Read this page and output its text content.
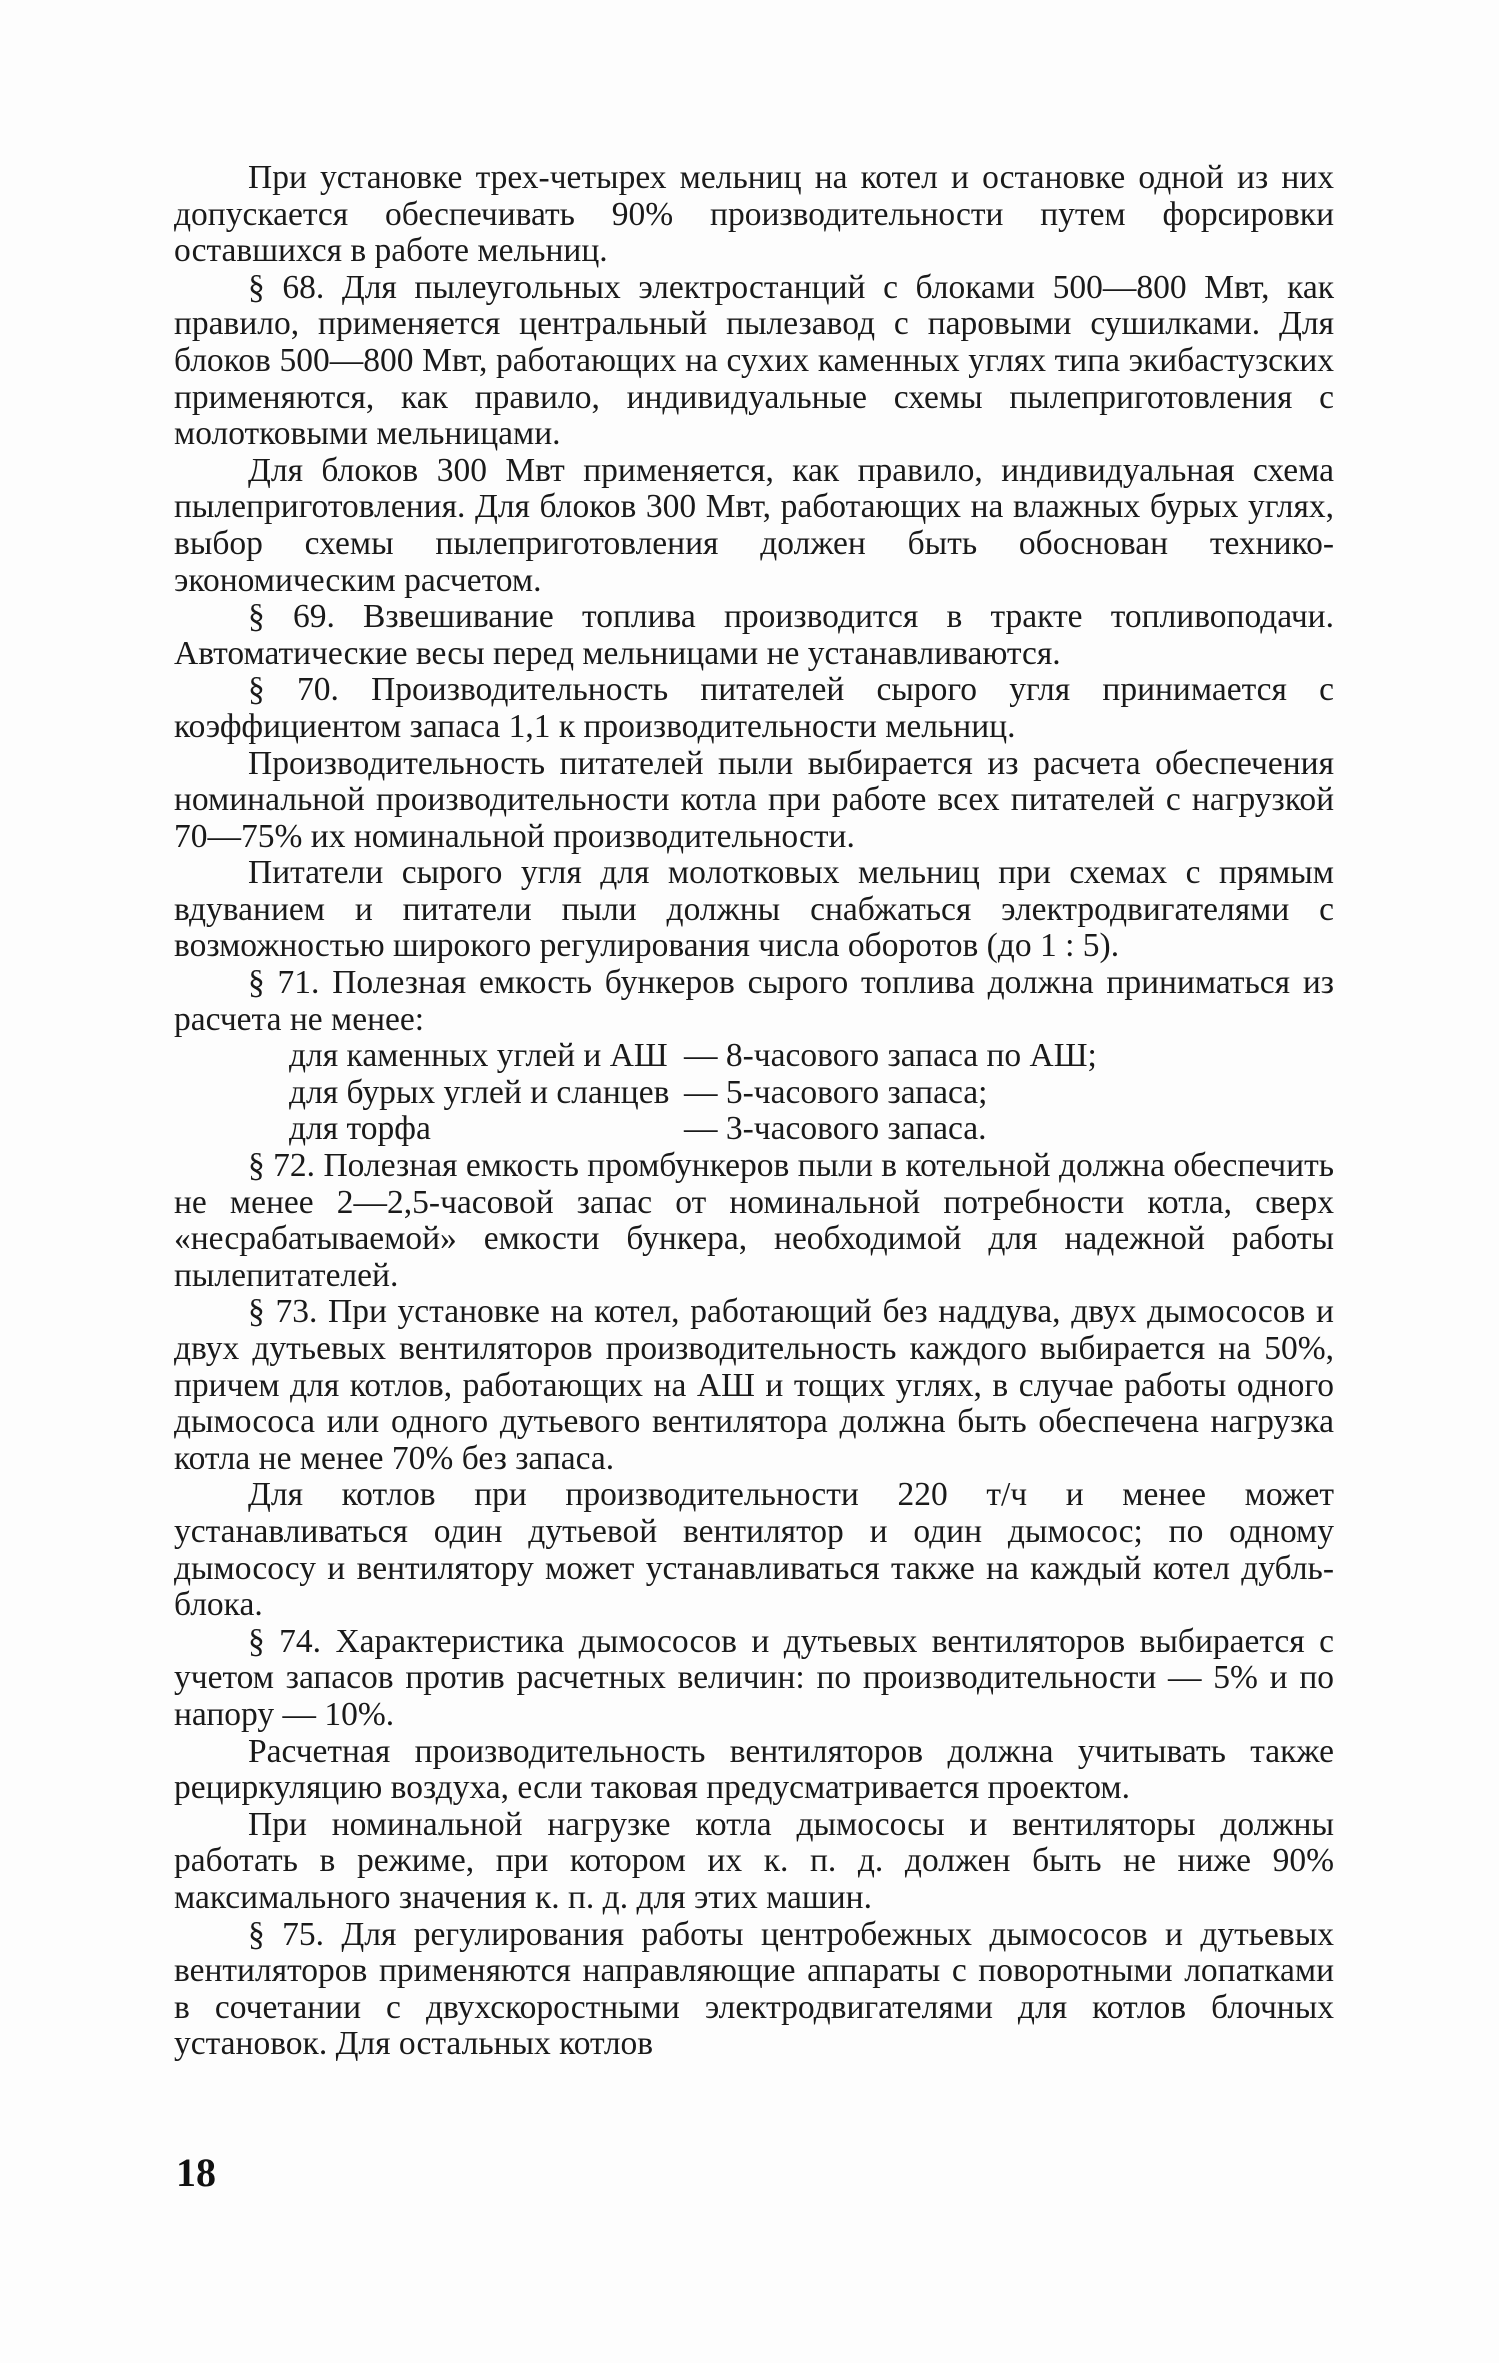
При установке трех-четырех мельниц на котел и остановке одной из них допускается обеспечивать 90% производительности путем форсировки оставшихся в работе мельниц.

§ 68. Для пылеугольных электростанций с блоками 500—800 Мвт, как правило, применяется центральный пылезавод с паровыми сушилками. Для блоков 500—800 Мвт, работающих на сухих каменных углях типа экибастузских применяются, как правило, индивидуальные схемы пылеприготовления с молотковыми мельницами.

Для блоков 300 Мвт применяется, как правило, индивидуальная схема пылеприготовления. Для блоков 300 Мвт, работающих на влажных бурых углях, выбор схемы пылеприготовления должен быть обоснован технико-экономическим расчетом.

§ 69. Взвешивание топлива производится в тракте топливоподачи. Автоматические весы перед мельницами не устанавливаются.

§ 70. Производительность питателей сырого угля принимается с коэффициентом запаса 1,1 к производительности мельниц.

Производительность питателей пыли выбирается из расчета обеспечения номинальной производительности котла при работе всех питателей с нагрузкой 70—75% их номинальной производительности.

Питатели сырого угля для молотковых мельниц при схемах с прямым вдуванием и питатели пыли должны снабжаться электродвигателями с возможностью широкого регулирования числа оборотов (до 1 : 5).

§ 71. Полезная емкость бункеров сырого топлива должна приниматься из расчета не менее:

для каменных углей и АШ — 8-часового запаса по АШ;
для бурых углей и сланцев — 5-часового запаса;
для торфа	— 3-часового запаса.

§ 72. Полезная емкость промбункеров пыли в котельной должна обеспечить не менее 2—2,5-часовой запас от номинальной потребности котла, сверх «несрабатываемой» емкости бункера, необходимой для надежной работы пылепитателей.

§ 73. При установке на котел, работающий без наддува, двух дымососов и двух дутьевых вентиляторов производительность каждого выбирается на 50%, причем для котлов, работающих на АШ и тощих углях, в случае работы одного дымососа или одного дутьевого вентилятора должна быть обеспечена нагрузка котла не менее 70% без запаса.

Для котлов при производительности 220 т/ч и менее может устанавливаться один дутьевой вентилятор и один дымосос; по одному дымососу и вентилятору может устанавливаться также на каждый котел дубль-блока.

§ 74. Характеристика дымососов и дутьевых вентиляторов выбирается с учетом запасов против расчетных величин: по производительности — 5% и по напору — 10%.

Расчетная производительность вентиляторов должна учитывать также рециркуляцию воздуха, если таковая предусматривается проектом.

При номинальной нагрузке котла дымососы и вентиляторы должны работать в режиме, при котором их к. п. д. должен быть не ниже 90% максимального значения к. п. д. для этих машин.

§ 75. Для регулирования работы центробежных дымососов и дутьевых вентиляторов применяются направляющие аппараты с поворотными лопатками в сочетании с двухскоростными электродвигателями для котлов блочных установок. Для остальных котлов

18
